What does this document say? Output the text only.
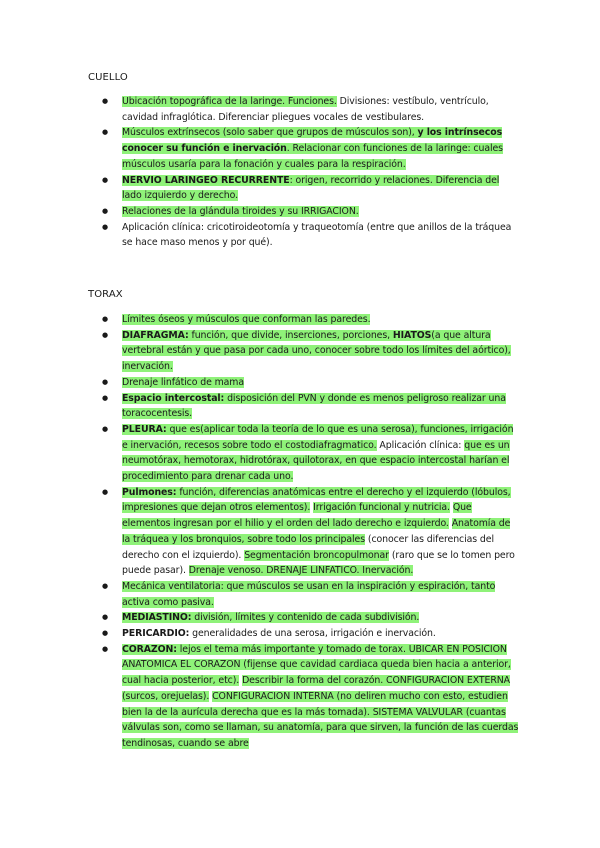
CUELLO
● Ubicación topográfica de la laringe. Funciones. Divisiones: vestíbulo, ventrículo, cavidad infraglótica. Diferenciar pliegues vocales de vestibulares.
● Músculos extrínsecos (solo saber que grupos de músculos son), y los intrínsecos conocer su función e inervación. Relacionar con funciones de la laringe: cuales músculos usaría para la fonación y cuales para la respiración.
● NERVIO LARINGEO RECURRENTE: origen, recorrido y relaciones. Diferencia del lado izquierdo y derecho.
● Relaciones de la glándula tiroides y su IRRIGACION.
● Aplicación clínica: cricotiroideotomía y traqueotomía (entre que anillos de la tráquea se hace maso menos y por qué).
TORAX
● Límites óseos y músculos que conforman las paredes.
● DIAFRAGMA: función, que divide, inserciones, porciones, HIATOS(a que altura vertebral están y que pasa por cada uno, conocer sobre todo los límites del aórtico), inervación.
● Drenaje linfático de mama
● Espacio intercostal: disposición del PVN y donde es menos peligroso realizar una toracocentesis.
● PLEURA: que es(aplicar toda la teoría de lo que es una serosa), funciones, irrigación e inervación, recesos sobre todo el costodiafragmatico. Aplicación clínica: que es un neumotórax, hemotorax, hidrotórax, quilotorax, en que espacio intercostal harían el procedimiento para drenar cada uno.
● Pulmones: función, diferencias anatómicas entre el derecho y el izquierdo (lóbulos, impresiones que dejan otros elementos). Irrigación funcional y nutricia. Que elementos ingresan por el hilio y el orden del lado derecho e izquierdo. Anatomía de la tráquea y los bronquios, sobre todo los principales (conocer las diferencias del derecho con el izquierdo). Segmentación broncopulmonar (raro que se lo tomen pero puede pasar). Drenaje venoso. DRENAJE LINFATICO. Inervación.
● Mecánica ventilatoria: que músculos se usan en la inspiración y espiración, tanto activa como pasiva.
● MEDIASTINO: división, límites y contenido de cada subdivisión.
● PERICARDIO: generalidades de una serosa, irrigación e inervación.
● CORAZON: lejos el tema más importante y tomado de torax. UBICAR EN POSICION ANATOMICA EL CORAZON (fijense que cavidad cardiaca queda bien hacia a anterior, cual hacia posterior, etc). Describir la forma del corazón. CONFIGURACION EXTERNA (surcos, orejuelas). CONFIGURACION INTERNA (no deliren mucho con esto, estudien bien la de la aurícula derecha que es la más tomada). SISTEMA VALVULAR (cuantas válvulas son, como se llaman, su anatomía, para que sirven, la función de las cuerdas tendinosas, cuando se abre
